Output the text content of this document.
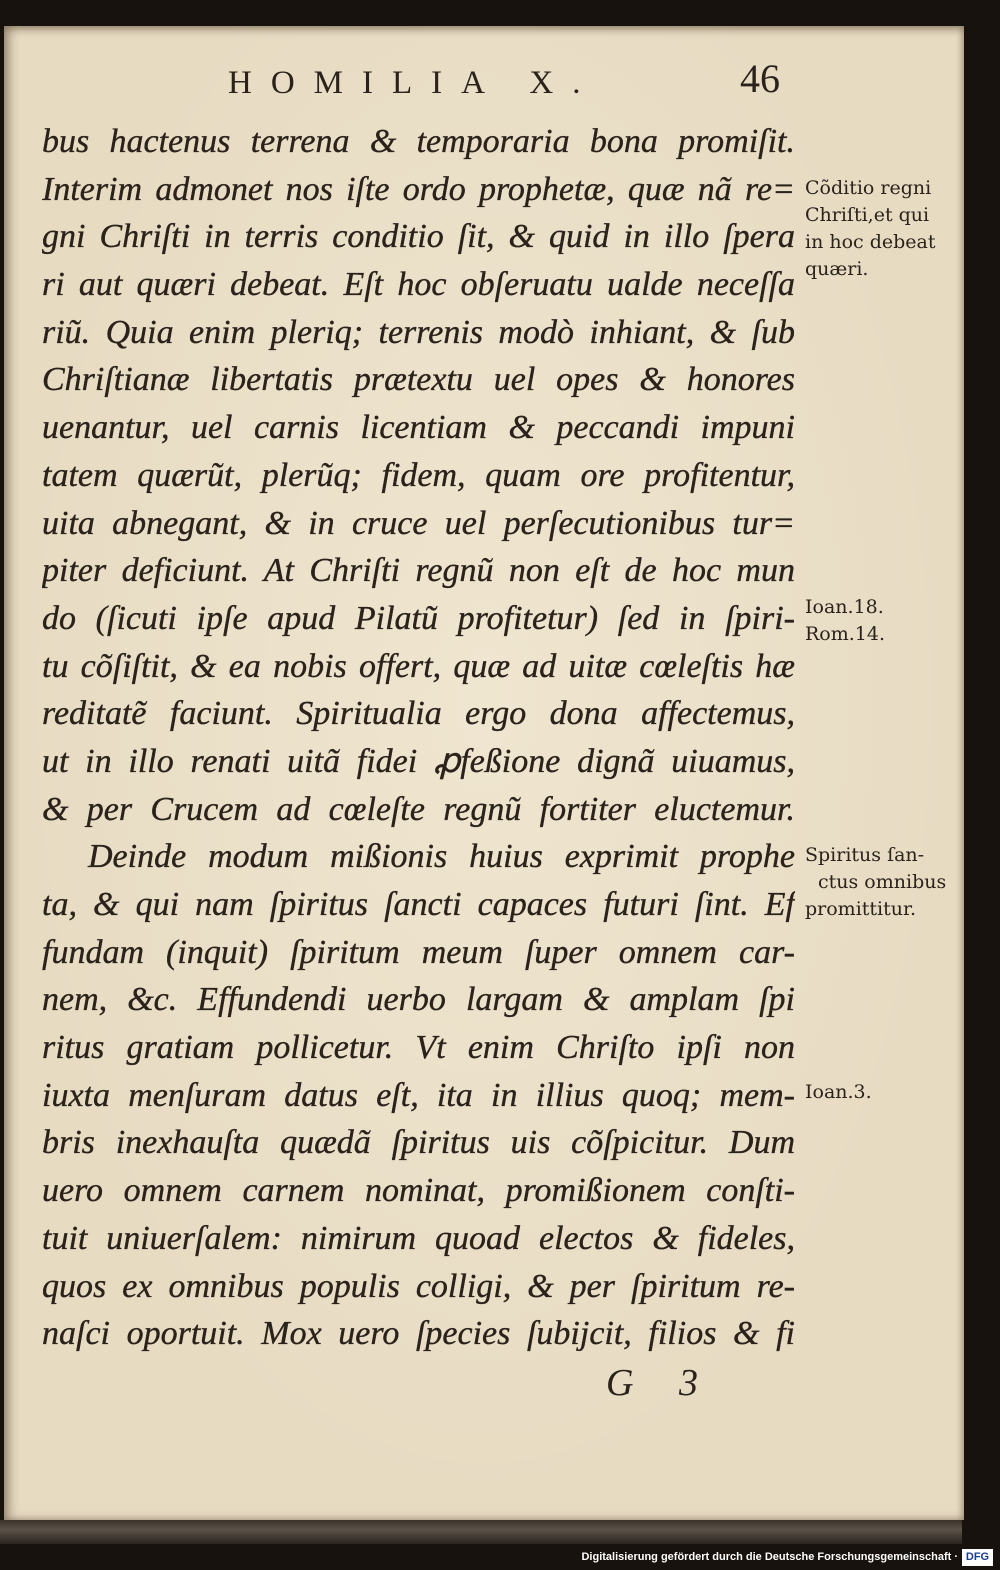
HOMILIA X.	46
bus hactenus terrena & temporaria bona promiſit.
Interim admonet nos iſte ordo prophetæ, quæ nã re=
gni Chriſti in terris conditio ſit, & quid in illo ſpera
ri aut quæri debeat. Eſt hoc obſeruatu ualde neceſſa
riũ. Quia enim pleriq; terrenis modò inhiant, & ſub
Chriſtianæ libertatis prætextu uel opes & honores
uenantur, uel carnis licentiam & peccandi impuni
tatem quærũt, plerũq; fidem, quam ore profitentur,
uita abnegant, & in cruce uel perſecutionibus tur=
piter deficiunt. At Chriſti regnũ non eſt de hoc mun
do (ſicuti ipſe apud Pilatũ profitetur) ſed in ſpiri-
tu cõſiſtit, & ea nobis offert, quæ ad uitæ cœleſtis hæ
reditatẽ faciunt. Spiritualia ergo dona affectemus,
ut in illo renati uitã fidei ꝓfeßione dignã uiuamus,
& per Crucem ad cœleſte regnũ fortiter eluctemur.
Deinde modum mißionis huius exprimit prophe
ta, & qui nam ſpiritus ſancti capaces futuri ſint. Ef
fundam (inquit) ſpiritum meum ſuper omnem car-
nem, &c. Effundendi uerbo largam & amplam ſpi
ritus gratiam pollicetur. Vt enim Chriſto ipſi non
iuxta menſuram datus eſt, ita in illius quoq; mem-
bris inexhauſta quædã ſpiritus uis cõſpicitur. Dum
uero omnem carnem nominat, promißionem conſti-
tuit uniuerſalem: nimirum quoad electos & fideles,
quos ex omnibus populis colligi, & per ſpiritum re-
naſci oportuit. Mox uero ſpecies ſubijcit, filios & fi
Cõditio regni
Chriſti,et qui
in hoc debeat
quæri.
Ioan.18.
Rom.14.
Spiritus ſan-
ctus omnibus
promittitur.
Ioan.3.
G 3
Digitalisierung gefördert durch die Deutsche Forschungsgemeinschaft · DFG
